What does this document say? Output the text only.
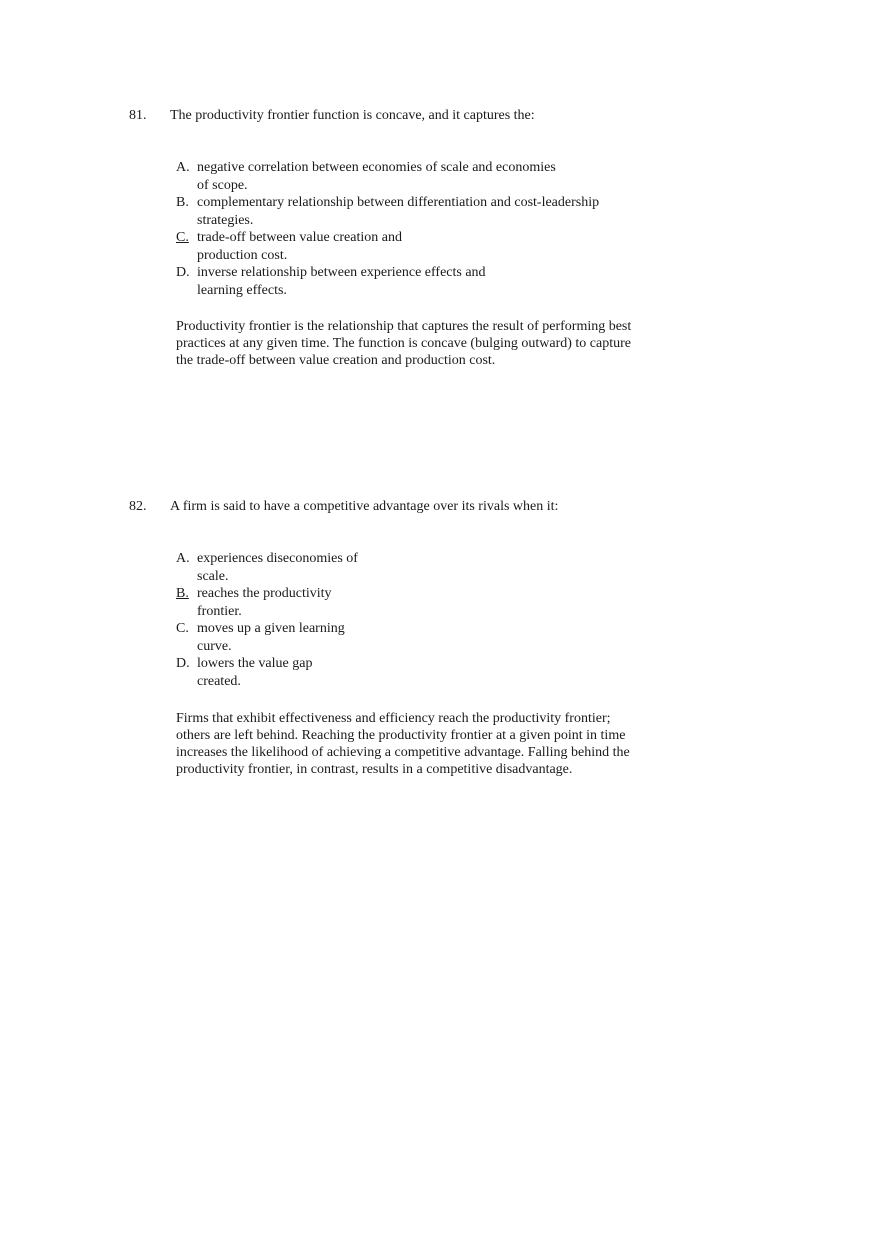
81. The productivity frontier function is concave, and it captures the:
A. negative correlation between economies of scale and economies
of scope.
B. complementary relationship between differentiation and cost-leadership
strategies.
C. trade-off between value creation and
production cost.
D. inverse relationship between experience effects and
learning effects.
Productivity frontier is the relationship that captures the result of performing best
practices at any given time. The function is concave (bulging outward) to capture
the trade-off between value creation and production cost.
82. A firm is said to have a competitive advantage over its rivals when it:
A. experiences diseconomies of
scale.
B. reaches the productivity
frontier.
C. moves up a given learning
curve.
D. lowers the value gap
created.
Firms that exhibit effectiveness and efficiency reach the productivity frontier;
others are left behind. Reaching the productivity frontier at a given point in time
increases the likelihood of achieving a competitive advantage. Falling behind the
productivity frontier, in contrast, results in a competitive disadvantage.
